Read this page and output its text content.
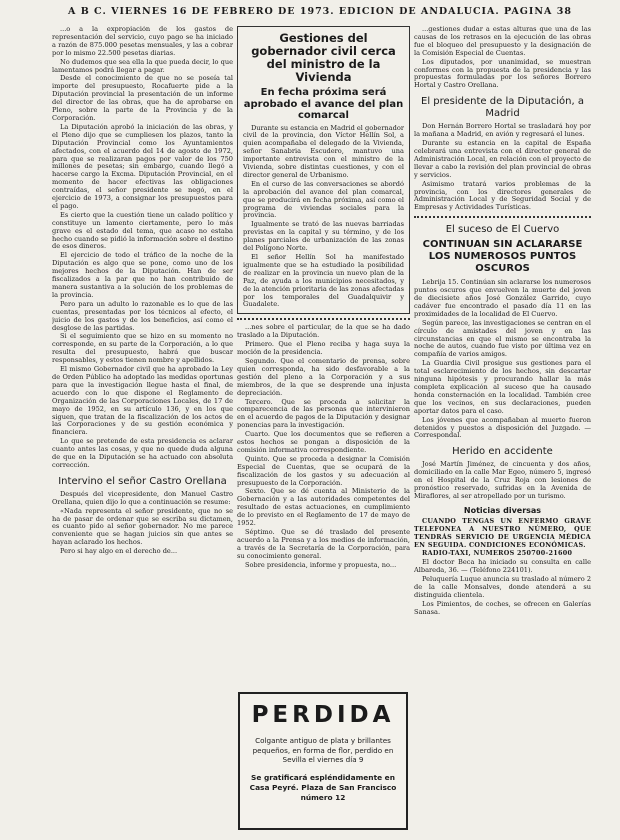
A B C. VIERNES 16 DE FEBRERO DE 1973. EDICION DE ANDALUCIA. PAGINA 38

...o a la expropiación de los gastos de representación del servicio, cuyo pago se ha iniciado a razón de 875.000 pesetas mensuales, y las a cobrar por lo mismo 22.500 pesetas diarias.

No dudemos que sea ella la que pueda decir, lo que lamentamos podrá llegar a pagar.

Desde el conocimiento de que no se poseía tal importe del presupuesto, Rocafuerte pide a la Diputación provincial la presentación de un informe del director de las obras, que ha de aprobarse en Pleno, sobre la parte de la Provincia y de la Corporación.

La Diputación aprobó la iniciación de las obras, y el Pleno dijo que se cumpliesen los plazos, tanto la Diputación Provincial como los Ayuntamientos afectados, con el acuerdo del 14 de agosto de 1972, para que se realizaran pagos por valor de los 750 millones de pesetas; sin embargo, cuando llegó a hacerse cargo la Excma. Diputación Provincial, en el momento de hacer efectivas las obligaciones contraídas, el señor presidente se negó, en el ejercicio de 1973, a consignar los presupuestos para el pago.

Es cierto que la cuestión tiene un calado político y constituye un lamento ciertamente, pero lo más grave es el estado del tema, que acaso no estaba hecho cuando se pidió la información sobre el destino de esos dineros.

El ejercicio de todo el tráfico de la noche de la Diputación es algo que se pone, como uno de los mejores hechos de la Diputación. Han de ser fiscalizados a la par que no han contribuido de manera sustantiva a la solución de los problemas de la provincia.

Pero para un adulto lo razonable es lo que de las cuentas, presentadas por los técnicos al efecto, el juicio de los gastos y de los beneficios, así como el desglose de las partidas.

Si el seguimiento que se hizo en su momento no corresponde, en su parte de la Corporación, a lo que resulta del presupuesto, habrá que buscar responsables, y estos tienen nombre y apellidos.

El mismo Gobernador civil que ha aprobado la Ley de Orden Público ha adoptado las medidas oportunas para que la investigación llegue hasta el final, de acuerdo con lo que dispone el Reglamento de Organización de las Corporaciones Locales, de 17 de mayo de 1952, en su artículo 136, y en los que siguen, que tratan de la fiscalización de los actos de las Corporaciones y de su gestión económica y financiera.

Lo que se pretende de esta presidencia es aclarar cuanto antes las cosas, y que no quede duda alguna de que en la Diputación se ha actuado con absoluta corrección.

Intervino el señor Castro Orellana

Después del vicepresidente, don Manuel Castro Orellana, quien dijo lo que a continuación se resume:

«Nada representa el señor presidente, que no se ha de pasar de ordenar que se escriba su dictamen, es cuanto pido al señor gobernador. No me parece conveniente que se hagan juicios sin que antes se hayan aclarado los hechos.

Pero si hay algo en el derecho de...

Gestiones del gobernador civil cerca del ministro de la Vivienda
En fecha próxima será aprobado el avance del plan comarcal

Durante su estancia en Madrid el gobernador civil de la provincia, don Víctor Hellín Sol, a quien acompañaba el delegado de la Vivienda, señor Sanabria Escudero, mantuvo una importante entrevista con el ministro de la Vivienda, sobre distintas cuestiones, y con el director general de Urbanismo.

En el curso de las conversaciones se abordó la aprobación del avance del plan comarcal, que se producirá en fecha próxima, así como el programa de viviendas sociales para la provincia.

Igualmente se trató de las nuevas barriadas previstas en la capital y su término, y de los planes parciales de urbanización de las zonas del Polígono Norte.

El señor Hellín Sol ha manifestado igualmente que se ha estudiado la posibilidad de realizar en la provincia un nuevo plan de la Paz, de ayuda a los municipios necesitados, y de la atención prioritaria de las zonas afectadas por los temporales del Guadalquivir y Guadalete.

...nes sobre el particular, de la que se ha dado traslado a la Diputación.

Primero. Que el Pleno reciba y haga suya la moción de la presidencia.

Segundo. Que el comentario de prensa, sobre quien corresponda, ha sido desfavorable a la gestión del pleno a la Corporación y a sus miembros, de la que se desprende una injusta depreciación.

Tercero. Que se proceda a solicitar la comparecencia de las personas que intervinieron en el acuerdo de pagos de la Diputación y designar ponencias para la investigación.

Cuarto. Que los documentos que se refieren a estos hechos se pongan a disposición de la comisión informativa correspondiente.

Quinto. Que se proceda a designar la Comisión Especial de Cuentas, que se ocupará de la fiscalización de los gastos y su adecuación al presupuesto de la Corporación.

Sexto. Que se dé cuenta al Ministerio de la Gobernación y a las autoridades competentes del resultado de estas actuaciones, en cumplimiento de lo previsto en el Reglamento de 17 de mayo de 1952.

Séptimo. Que se dé traslado del presente acuerdo a la Prensa y a los medios de información, a través de la Secretaría de la Corporación, para su conocimiento general.

Sobre presidencia, informe y propuesta, no...

PERDIDA
Colgante antiguo de plata y brillantes pequeños, en forma de flor, perdido en Sevilla el viernes día 9
Se gratificará espléndidamente en Casa Peyré. Plaza de San Francisco número 12

...gestiones dudar a estas alturas que una de las causas de los retrasos en la ejecución de las obras fue el bloqueo del presupuesto y la designación de la Comisión Especial de Cuentas.

Los diputados, por unanimidad, se muestran conformes con la propuesta de la presidencia y las propuestas formuladas por los señores Borrero Hortal y Castro Orellana.

El presidente de la Diputación, a Madrid

Don Hernán Borrero Hortal se trasladará hoy por la mañana a Madrid, en avión y regresará el lunes.

Durante su estancia en la capital de España celebrará una entrevista con el director general de Administración Local, en relación con el proyecto de llevar a cabo la revisión del plan provincial de obras y servicios.

Asimismo tratará varios problemas de la provincia, con los directores generales de Administración Local y de Seguridad Social y de Empresas y Actividades Turísticas.

El suceso de El Cuervo
CONTINUAN SIN ACLARARSE LOS NUMEROSOS PUNTOS OSCUROS

Lebrija 15. Continúan sin aclararse los numerosos puntos oscuros que envuelven la muerte del joven de diecisiete años José González Garrido, cuyo cadáver fue encontrado el pasado día 11 en las proximidades de la localidad de El Cuervo.

Según parece, las investigaciones se centran en el círculo de amistades del joven y en las circunstancias en que el mismo se encontraba la noche de autos, cuando fue visto por última vez en compañía de varios amigos.

La Guardia Civil prosigue sus gestiones para el total esclarecimiento de los hechos, sin descartar ninguna hipótesis y procurando hallar la más completa explicación al suceso que ha causado honda consternación en la localidad. También cree que los vecinos, en sus declaraciones, pueden aportar datos para el caso.

Los jóvenes que acompañaban al muerto fueron detenidos y puestos a disposición del Juzgado. — Correspondal.

Herido en accidente

José Martín Jiménez, de cincuenta y dos años, domiciliado en la calle Mar Egeo, número 5, ingresó en el Hospital de la Cruz Roja con lesiones de pronóstico reservado, sufridas en la Avenida de Miraflores, al ser atropellado por un turismo.

Noticias diversas

CUANDO TENGAS UN ENFERMO GRAVE TELEFONEA A NUESTRO NÚMERO, QUE TENDRÁS SERVICIO DE URGENCIA MÉDICA EN SEGUIDA. CONDICIONES ECONÓMICAS.

RADIO-TAXI, NUMEROS 250700-21600

El doctor Beca ha iniciado su consulta en calle Albareda, 36. — (Teléfono 224101).

Peluquería Luque anuncia su traslado al número 2 de la calle Monsalves, donde atenderá a su distinguida clientela.

Los Pimientos, de coches, se ofrecen en Galerías Sanasa.
